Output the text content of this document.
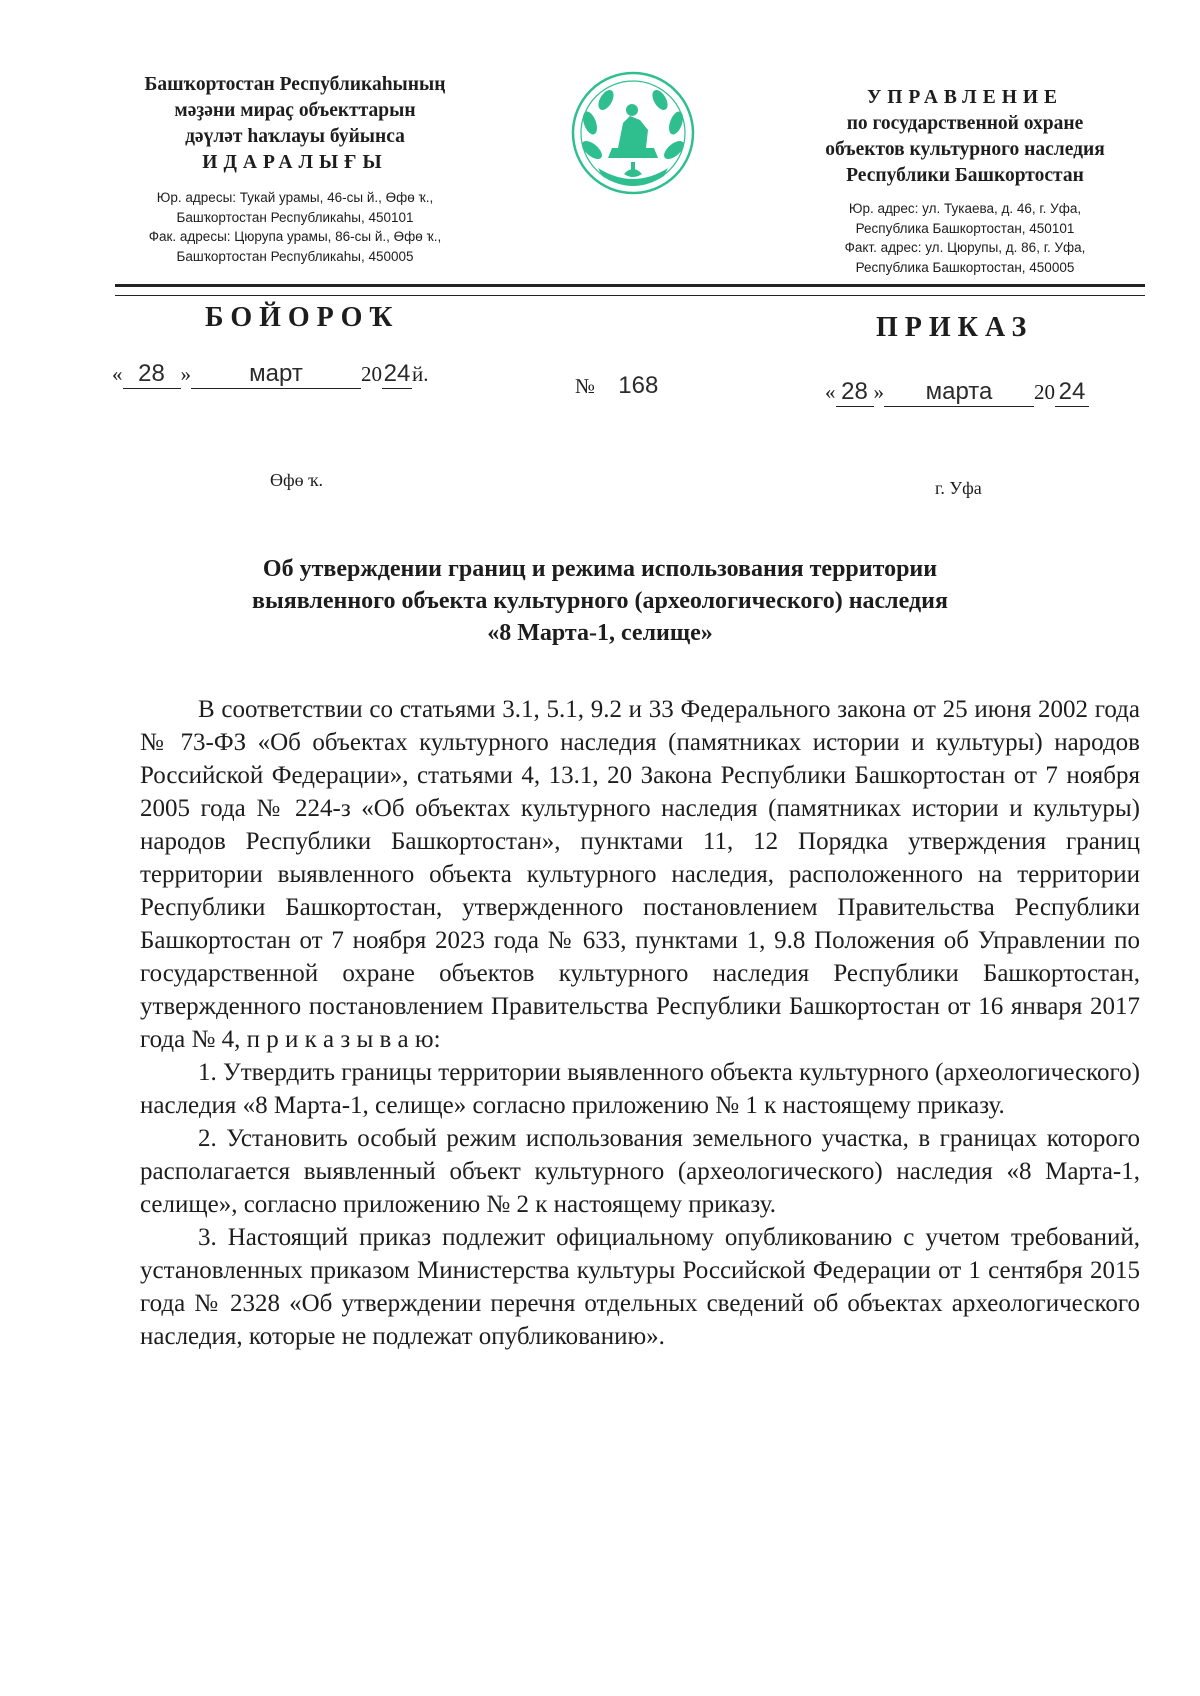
Башҡортостан Республикаһының
мәҙәни мираҫ объекттарын
дәүләт һаҡлауы буйынса
ИДАРАЛЫҒЫ
Юр. адресы: Тукай урамы, 46-сы й., Өфө ҡ.,
Башҡортостан Республикаһы, 450101
Фак. адресы: Цюрупа урамы, 86-сы й., Өфө ҡ.,
Башҡортостан Республикаһы, 450005
УПРАВЛЕНИЕ
по государственной охране
объектов культурного наследия
Республики Башкортостан
Юр. адрес: ул. Тукаева, д. 46, г. Уфа,
Республика Башкортостан, 450101
Факт. адрес: ул. Цюрупы, д. 86, г. Уфа,
Республика Башкортостан, 450005
БОЙОРОҠ	ПРИКАЗ
« 28 » март	2024й.	№ 168	« 28 » марта 20 24
Өфө ҡ.	г. Уфа
Об утверждении границ и режима использования территории
выявленного объекта культурного (археологического) наследия
«8 Марта-1, селище»

В соответствии со статьями 3.1, 5.1, 9.2 и 33 Федерального закона от 25 июня 2002 года № 73-ФЗ «Об объектах культурного наследия (памятниках истории и культуры) народов Российской Федерации», статьями 4, 13.1, 20 Закона Республики Башкортостан от 7 ноября 2005 года № 224-з «Об объектах культурного наследия (памятниках истории и культуры) народов Республики Башкортостан», пунктами 11, 12 Порядка утверждения границ территории выявленного объекта культурного наследия, расположенного на территории Республики Башкортостан, утвержденного постановлением Правительства Республики Башкортостан от 7 ноября 2023 года № 633, пунктами 1, 9.8 Положения об Управлении по государственной охране объектов культурного наследия Республики Башкортостан, утвержденного постановлением Правительства Республики Башкортостан от 16 января 2017 года № 4, п р и к а з ы в а ю:

1. Утвердить границы территории выявленного объекта культурного (археологического) наследия «8 Марта-1, селище» согласно приложению № 1 к настоящему приказу.

2. Установить особый режим использования земельного участка, в границах которого располагается выявленный объект культурного (археологического) наследия «8 Марта-1, селище», согласно приложению № 2 к настоящему приказу.

3. Настоящий приказ подлежит официальному опубликованию с учетом требований, установленных приказом Министерства культуры Российской Федерации от 1 сентября 2015 года № 2328 «Об утверждении перечня отдельных сведений об объектах археологического наследия, которые не подлежат опубликованию».
